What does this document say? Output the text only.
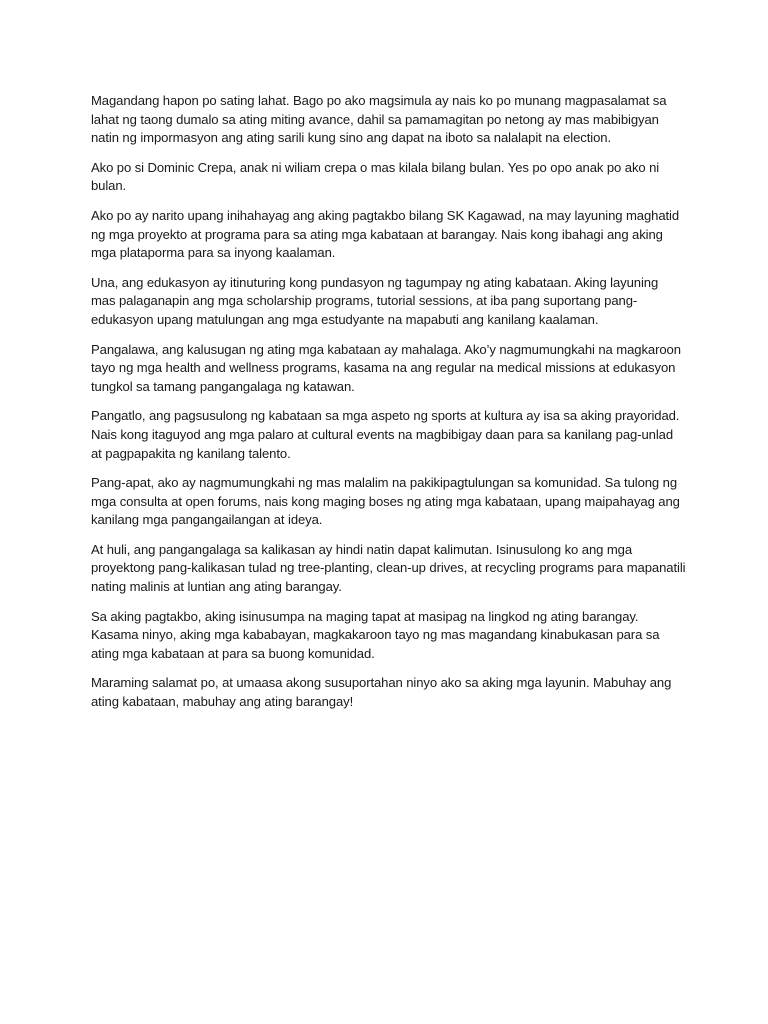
Magandang hapon po sating lahat. Bago po ako magsimula ay nais ko po munang magpasalamat sa lahat ng taong dumalo sa ating miting avance, dahil sa pamamagitan po netong ay mas mabibigyan natin ng impormasyon ang ating sarili kung sino ang dapat na iboto sa nalalapit na election.

Ako po si Dominic Crepa, anak ni wiliam crepa o mas kilala bilang bulan. Yes po opo anak po ako ni bulan.

Ako po ay narito upang inihahayag ang aking pagtakbo bilang SK Kagawad, na may layuning maghatid ng mga proyekto at programa para sa ating mga kabataan at barangay. Nais kong ibahagi ang aking mga plataporma para sa inyong kaalaman.

Una, ang edukasyon ay itinuturing kong pundasyon ng tagumpay ng ating kabataan. Aking layuning mas palaganapin ang mga scholarship programs, tutorial sessions, at iba pang suportang pang-edukasyon upang matulungan ang mga estudyante na mapabuti ang kanilang kaalaman.

Pangalawa, ang kalusugan ng ating mga kabataan ay mahalaga. Ako’y nagmumungkahi na magkaroon tayo ng mga health and wellness programs, kasama na ang regular na medical missions at edukasyon tungkol sa tamang pangangalaga ng katawan.

Pangatlo, ang pagsusulong ng kabataan sa mga aspeto ng sports at kultura ay isa sa aking prayoridad. Nais kong itaguyod ang mga palaro at cultural events na magbibigay daan para sa kanilang pag-unlad at pagpapakita ng kanilang talento.

Pang-apat, ako ay nagmumungkahi ng mas malalim na pakikipagtulungan sa komunidad. Sa tulong ng mga consulta at open forums, nais kong maging boses ng ating mga kabataan, upang maipahayag ang kanilang mga pangangailangan at ideya.

At huli, ang pangangalaga sa kalikasan ay hindi natin dapat kalimutan. Isinusulong ko ang mga proyektong pang-kalikasan tulad ng tree-planting, clean-up drives, at recycling programs para mapanatili nating malinis at luntian ang ating barangay.

Sa aking pagtakbo, aking isinusumpa na maging tapat at masipag na lingkod ng ating barangay. Kasama ninyo, aking mga kababayan, magkakaroon tayo ng mas magandang kinabukasan para sa ating mga kabataan at para sa buong komunidad.

Maraming salamat po, at umaasa akong susuportahan ninyo ako sa aking mga layunin. Mabuhay ang ating kabataan, mabuhay ang ating barangay!
